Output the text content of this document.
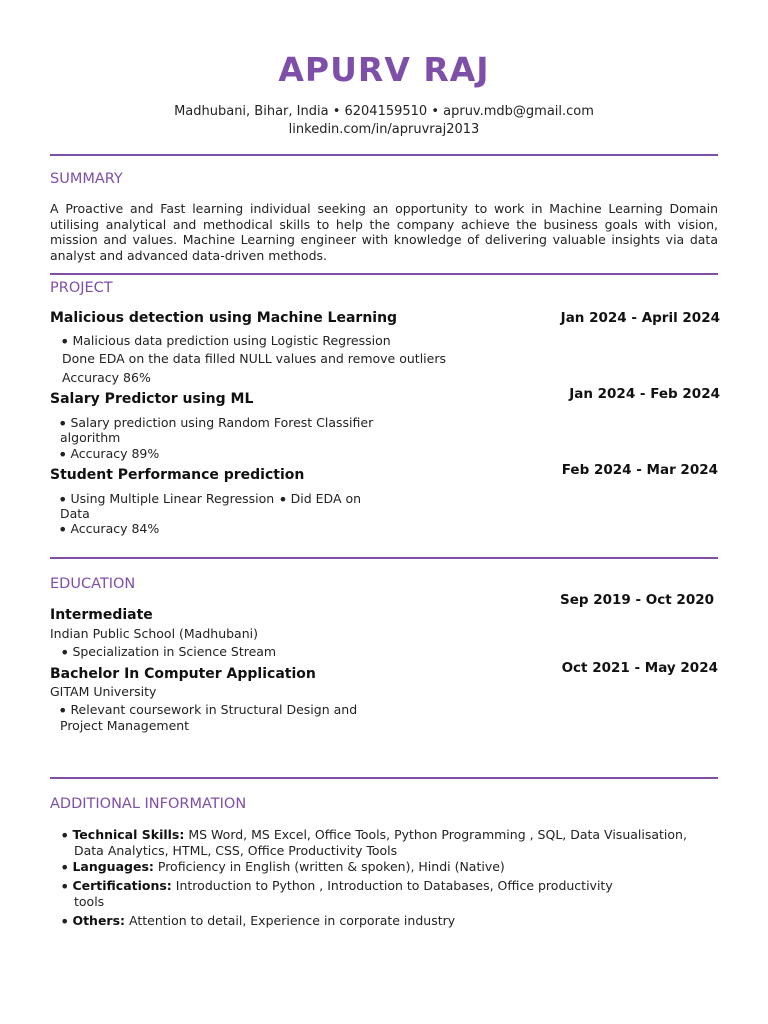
APURV RAJ
Madhubani, Bihar, India • 6204159510 • apruv.mdb@gmail.com
linkedin.com/in/apruvraj2013
SUMMARY
A Proactive and Fast learning individual seeking an opportunity to work in Machine Learning Domain utilising analytical and methodical skills to help the company achieve the business goals with vision, mission and values. Machine Learning engineer with knowledge of delivering valuable insights via data analyst and advanced data-driven methods.
PROJECT
Malicious detection using Machine Learning	Jan 2024 - April 2024
• Malicious data prediction using Logistic Regression
Done EDA on the data filled NULL values and remove outliers
Accuracy 86%
Salary Predictor using ML	Jan 2024 - Feb 2024
• Salary prediction using Random Forest Classifier
algorithm
• Accuracy 89%
Student Performance prediction	Feb 2024 - Mar 2024
• Using Multiple Linear Regression • Did EDA on
Data
• Accuracy 84%
EDUCATION
Intermediate
Sep 2019 - Oct 2020
Indian Public School (Madhubani)
• Specialization in Science Stream
Bachelor In Computer Application	Oct 2021 - May 2024
GITAM University
• Relevant coursework in Structural Design and
Project Management
ADDITIONAL INFORMATION
• Technical Skills: MS Word, MS Excel, Office Tools, Python Programming , SQL, Data Visualisation,
Data Analytics, HTML, CSS, Office Productivity Tools
• Languages: Proficiency in English (written & spoken), Hindi (Native)
• Certifications: Introduction to Python , Introduction to Databases, Office productivity
tools
• Others: Attention to detail, Experience in corporate industry
